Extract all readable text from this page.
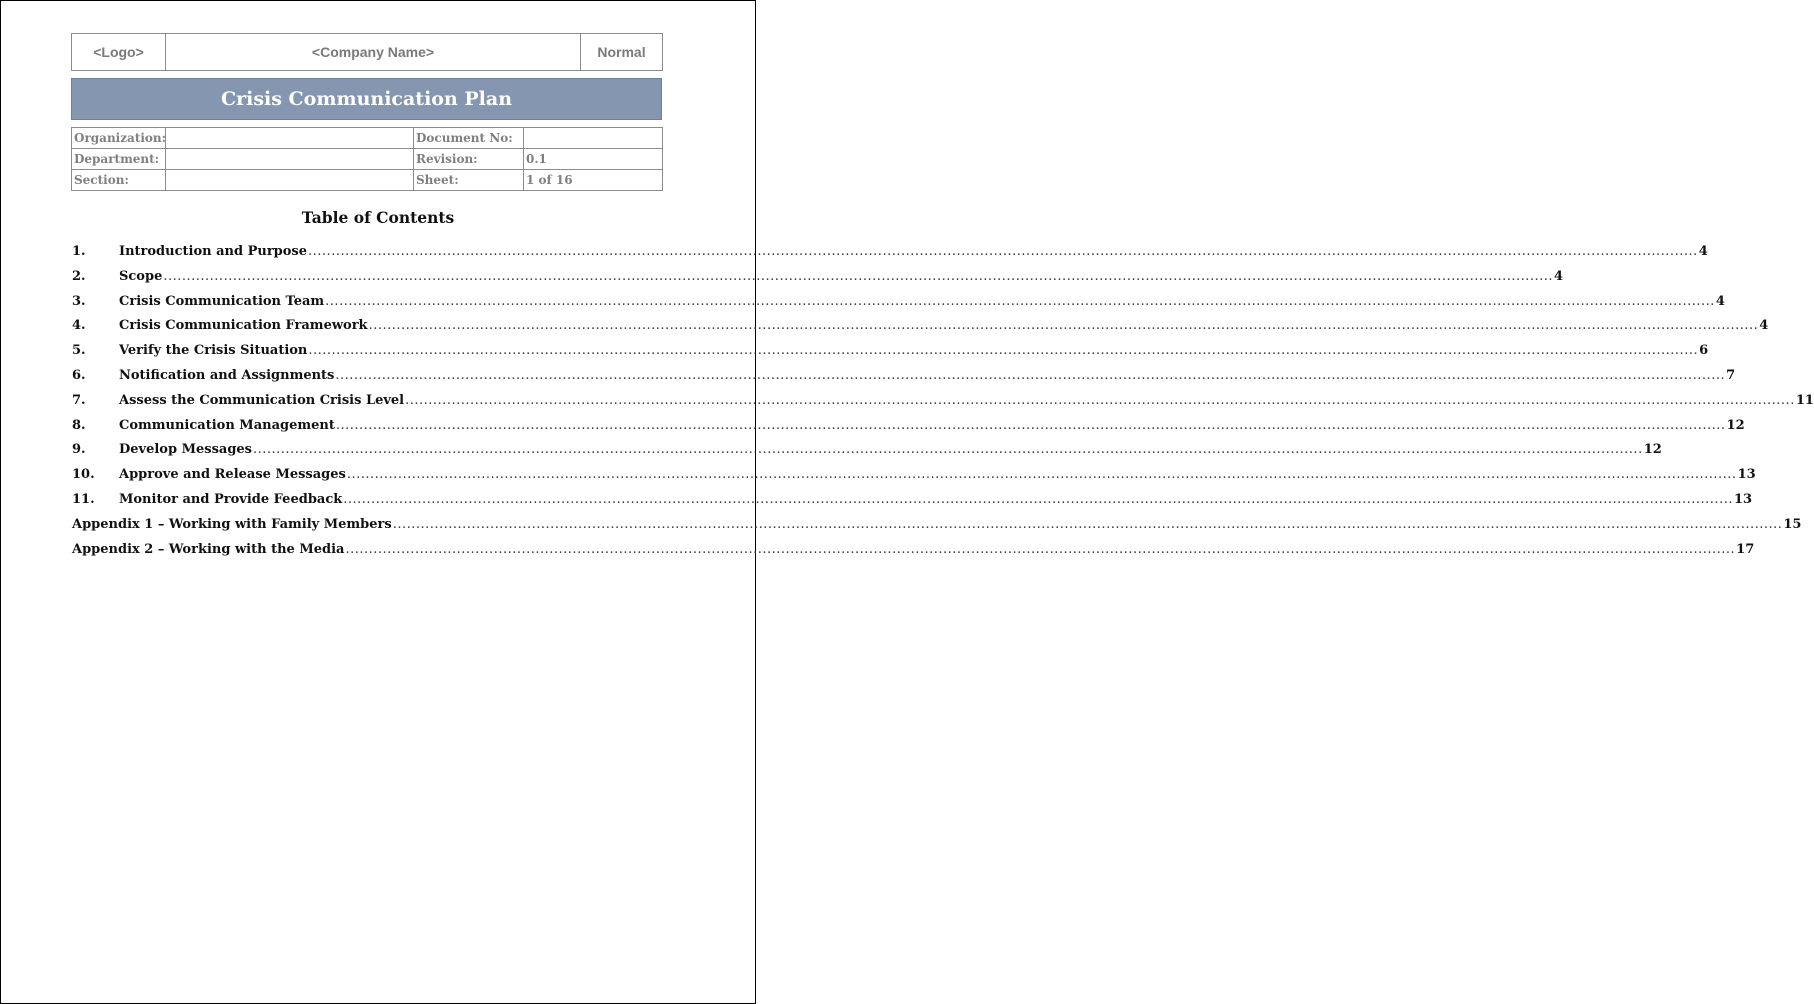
<Logo>	<Company Name>	Normal
Crisis Communication Plan
Organization:		Document No:	
Department:		Revision:	0.1
Section:		Sheet:	1 of 16
Table of Contents
1.	Introduction and Purpose ............................................................................................................................................................................................................................................................................................................ 4
2.	Scope ............................................................................................................................................................................................................................................................................................................ 4
3.	Crisis Communication Team ............................................................................................................................................................................................................................................................................................................ 4
4.	Crisis Communication Framework ............................................................................................................................................................................................................................................................................................................ 4
5.	Verify the Crisis Situation ............................................................................................................................................................................................................................................................................................................ 6
6.	Notification and Assignments ............................................................................................................................................................................................................................................................................................................ 7
7.	Assess the Communication Crisis Level ............................................................................................................................................................................................................................................................................................................ 11
8.	Communication Management ............................................................................................................................................................................................................................................................................................................ 12
9.	Develop Messages ............................................................................................................................................................................................................................................................................................................ 12
10.	Approve and Release Messages ............................................................................................................................................................................................................................................................................................................ 13
11.	Monitor and Provide Feedback ............................................................................................................................................................................................................................................................................................................ 13
Appendix 1 – Working with Family Members ............................................................................................................................................................................................................................................................................................................ 15
Appendix 2 – Working with the Media ............................................................................................................................................................................................................................................................................................................ 17
